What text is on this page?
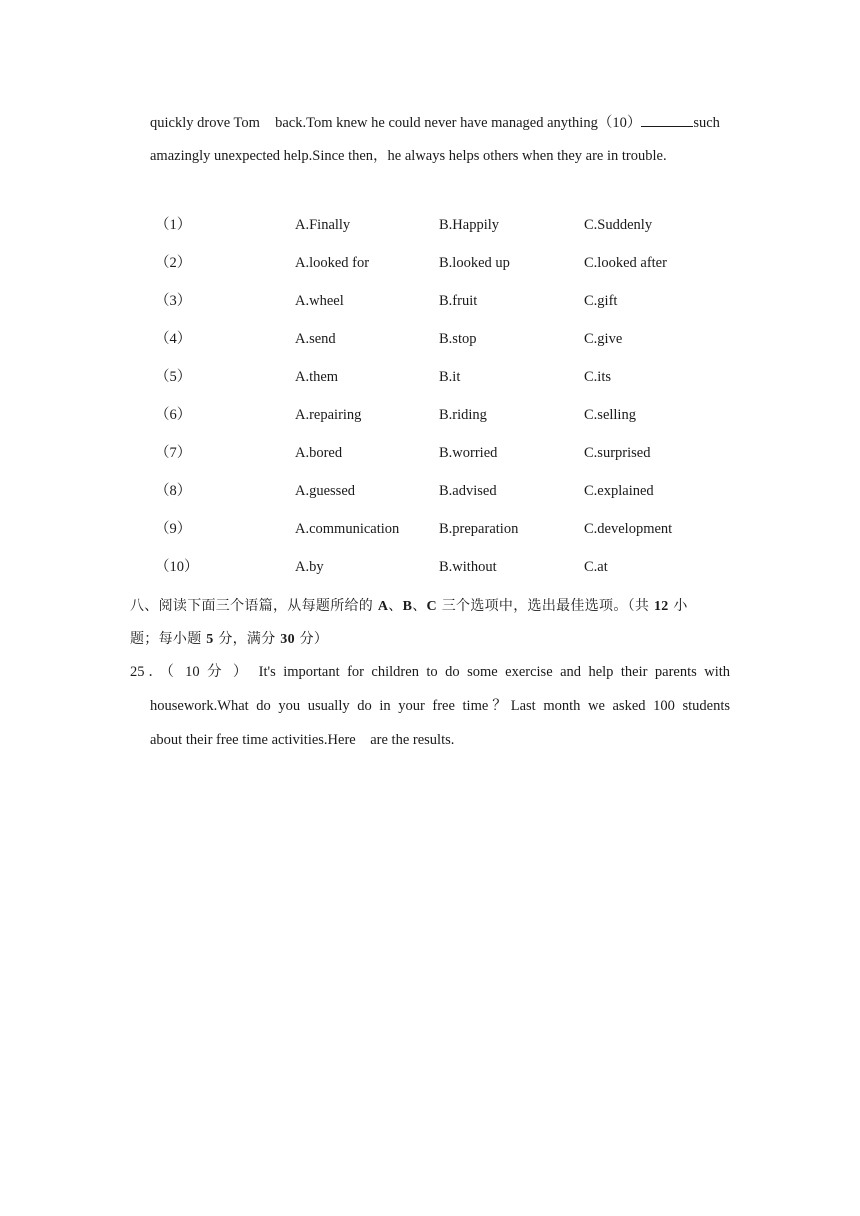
quickly drove Tom back.Tom knew he could never have managed anything（10）	such
amazingly unexpected help.Since then，he always helps others when they are in trouble.
（1）	A.Finally	B.Happily	C.Suddenly
（2）	A.looked for	B.looked up	C.looked after
（3）	A.wheel	B.fruit	C.gift
（4）	A.send	B.stop	C.give
（5）	A.them	B.it	C.its
（6）	A.repairing	B.riding	C.selling
（7）	A.bored	B.worried	C.surprised
（8）	A.guessed	B.advised	C.explained
（9）	A.communication	B.preparation	C.development
（10）	A.by	B.without	C.at
八、阅读下面三个语篇，从每题所给的 A、B、C 三个选项中，选出最佳选项。（共 12 小
题；每小题 5 分，满分 30 分）
25．（ 10 分 ） It's important for children to do some exercise and help their parents with
housework.What do you usually do in your free time？Last month we asked 100 students
about their free time activities.Here    are the results.
